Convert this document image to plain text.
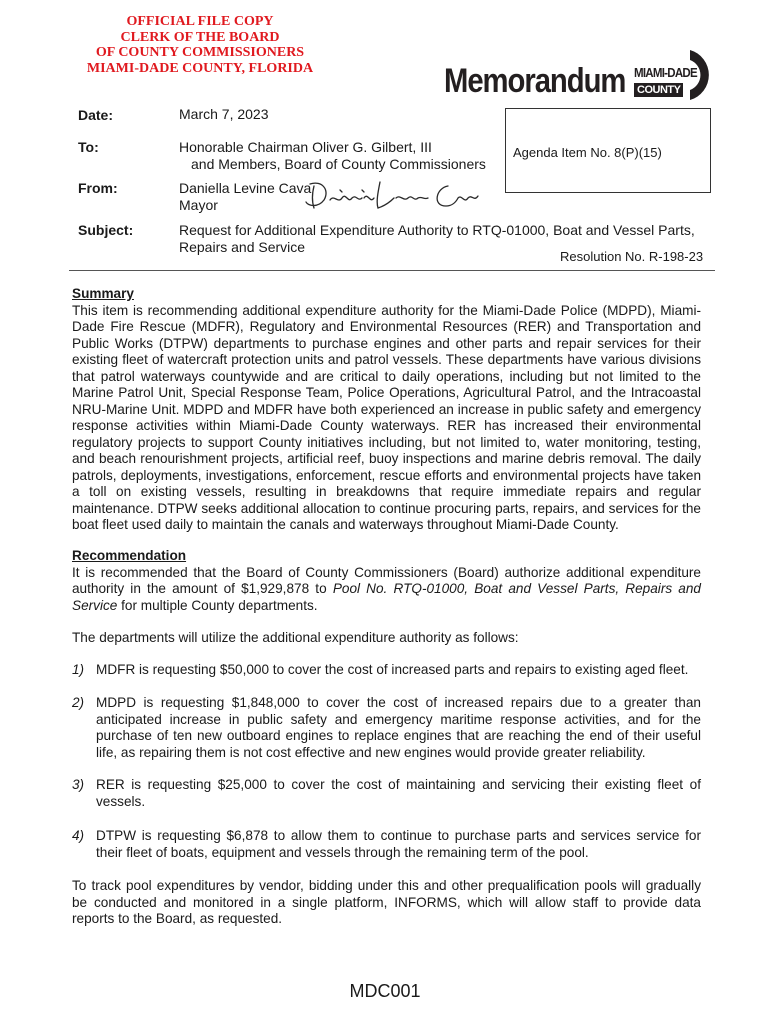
OFFICIAL FILE COPY
CLERK OF THE BOARD
OF COUNTY COMMISSIONERS
MIAMI-DADE COUNTY, FLORIDA	Memorandum MIAMI-DADE
COUNTY
Date:	March 7, 2023
To:	Honorable Chairman Oliver G. Gilbert, III
and Members, Board of County Commissioners
Agenda Item No. 8(P)(15)
From:	Daniella Levine Cava
Mayor
Subject:	Request for Additional Expenditure Authority to RTQ-01000, Boat and Vessel Parts,
Repairs and Service
Resolution No. R-198-23
Summary

This item is recommending additional expenditure authority for the Miami-Dade Police (MDPD), Miami-Dade Fire Rescue (MDFR), Regulatory and Environmental Resources (RER) and Transportation and Public Works (DTPW) departments to purchase engines and other parts and repair services for their existing fleet of watercraft protection units and patrol vessels. These departments have various divisions that patrol waterways countywide and are critical to daily operations, including but not limited to the Marine Patrol Unit, Special Response Team, Police Operations, Agricultural Patrol, and the Intracoastal NRU-Marine Unit. MDPD and MDFR have both experienced an increase in public safety and emergency response activities within Miami-Dade County waterways. RER has increased their environmental regulatory projects to support County initiatives including, but not limited to, water monitoring, testing, and beach renourishment projects, artificial reef, buoy inspections and marine debris removal. The daily patrols, deployments, investigations, enforcement, rescue efforts and environmental projects have taken a toll on existing vessels, resulting in breakdowns that require immediate repairs and regular maintenance. DTPW seeks additional allocation to continue procuring parts, repairs, and services for the boat fleet used daily to maintain the canals and waterways throughout Miami-Dade County.

Recommendation

It is recommended that the Board of County Commissioners (Board) authorize additional expenditure authority in the amount of $1,929,878 to Pool No. RTQ-01000, Boat and Vessel Parts, Repairs and Service for multiple County departments.

The departments will utilize the additional expenditure authority as follows:
1) MDFR is requesting $50,000 to cover the cost of increased parts and repairs to existing aged fleet.
2) MDPD is requesting $1,848,000 to cover the cost of increased repairs due to a greater than anticipated increase in public safety and emergency maritime response activities, and for the purchase of ten new outboard engines to replace engines that are reaching the end of their useful life, as repairing them is not cost effective and new engines would provide greater reliability.
3) RER is requesting $25,000 to cover the cost of maintaining and servicing their existing fleet of vessels.
4) DTPW is requesting $6,878 to allow them to continue to purchase parts and services service for their fleet of boats, equipment and vessels through the remaining term of the pool.
To track pool expenditures by vendor, bidding under this and other prequalification pools will gradually be conducted and monitored in a single platform, INFORMS, which will allow staff to provide data reports to the Board, as requested.
MDC001
